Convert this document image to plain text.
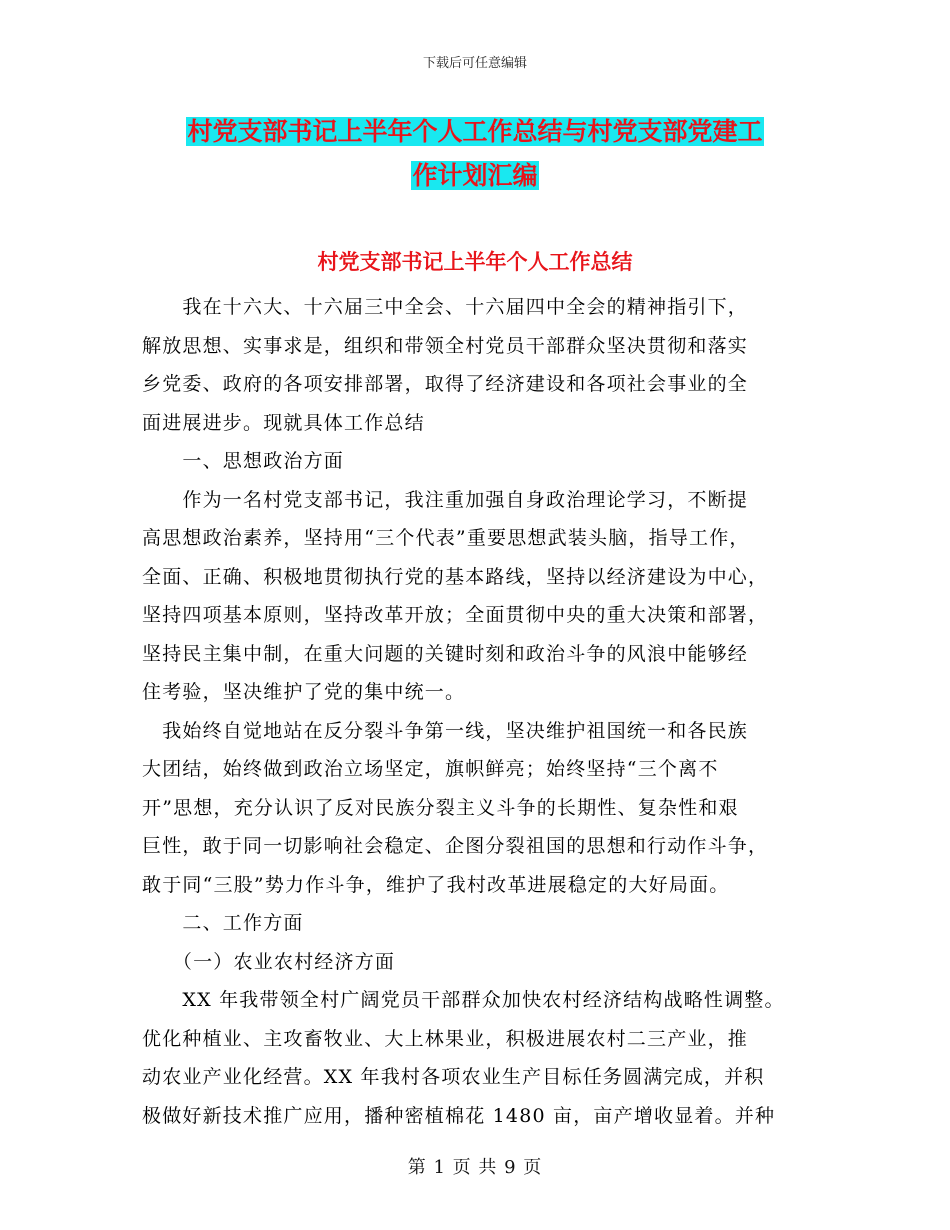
下载后可任意编辑
村党支部书记上半年个人工作总结与村党支部党建工
作计划汇编
村党支部书记上半年个人工作总结
　　我在十六大、十六届三中全会、十六届四中全会的精神指引下，
解放思想、实事求是，组织和带领全村党员干部群众坚决贯彻和落实
乡党委、政府的各项安排部署，取得了经济建设和各项社会事业的全
面进展进步。现就具体工作总结
　　一、思想政治方面
　　作为一名村党支部书记，我注重加强自身政治理论学习，不断提
高思想政治素养，坚持用“三个代表”重要思想武装头脑，指导工作，
全面、正确、积极地贯彻执行党的基本路线，坚持以经济建设为中心，
坚持四项基本原则，坚持改革开放；全面贯彻中央的重大决策和部署，
坚持民主集中制，在重大问题的关键时刻和政治斗争的风浪中能够经
住考验，坚决维护了党的集中统一。
　我始终自觉地站在反分裂斗争第一线，坚决维护祖国统一和各民族
大团结，始终做到政治立场坚定，旗帜鲜亮；始终坚持“三个离不
开”思想，充分认识了反对民族分裂主义斗争的长期性、复杂性和艰
巨性，敢于同一切影响社会稳定、企图分裂祖国的思想和行动作斗争，
敢于同“三股”势力作斗争，维护了我村改革进展稳定的大好局面。
　　二、工作方面
　　（一）农业农村经济方面
　　XX 年我带领全村广阔党员干部群众加快农村经济结构战略性调整。
优化种植业、主攻畜牧业、大上林果业，积极进展农村二三产业，推
动农业产业化经营。XX 年我村各项农业生产目标任务圆满完成，并积
极做好新技术推广应用，播种密植棉花 1480 亩，亩产增收显着。并种
第 1 页 共 9 页
